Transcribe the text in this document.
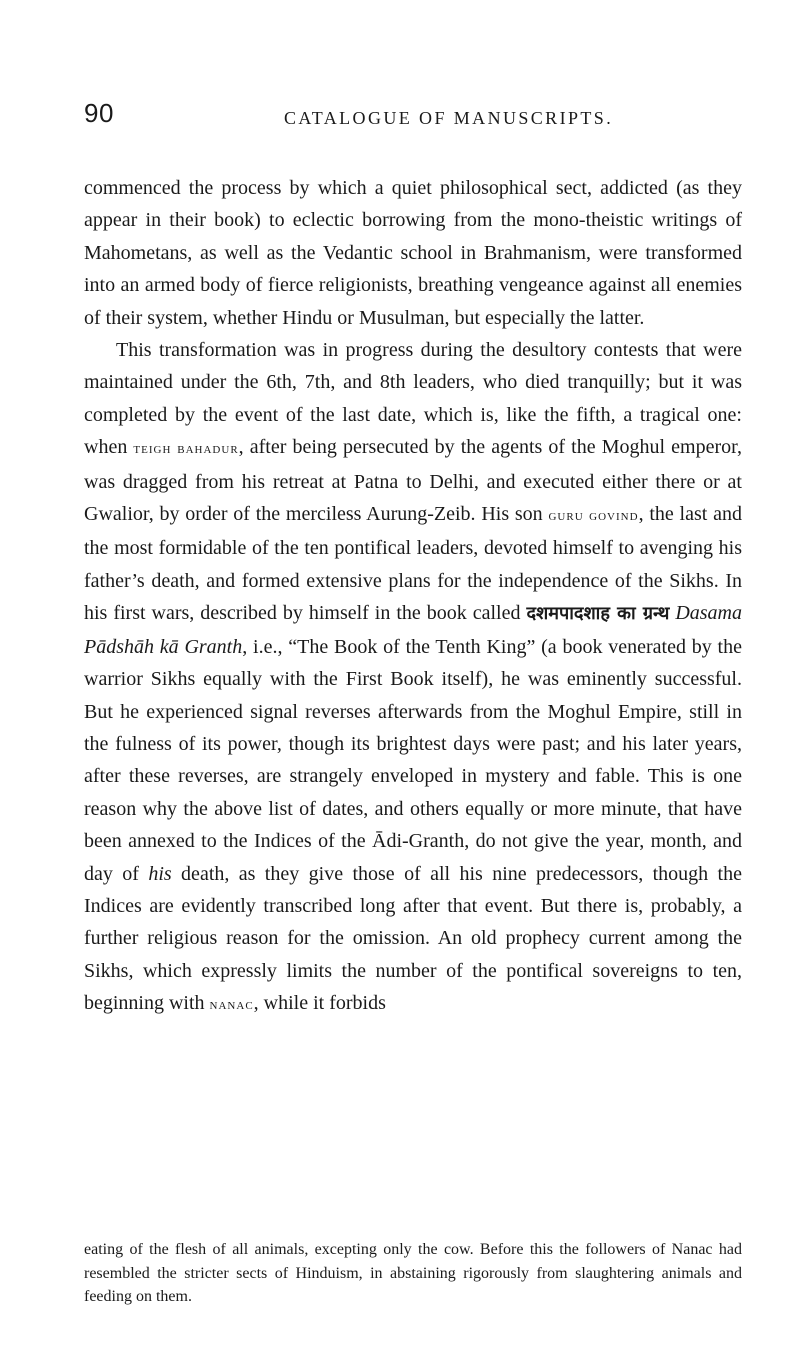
90	CATALOGUE OF MANUSCRIPTS.

commenced the process by which a quiet philosophical sect, addicted (as they appear in their book) to eclectic borrowing from the mono-theistic writings of Mahometans, as well as the Vedantic school in Brahmanism, were transformed into an armed body of fierce religionists, breathing vengeance against all enemies of their system, whether Hindu or Musulman, but especially the latter.

This transformation was in progress during the desultory contests that were maintained under the 6th, 7th, and 8th leaders, who died tranquilly; but it was completed by the event of the last date, which is, like the fifth, a tragical one: when teigh bahadur, after being persecuted by the agents of the Moghul emperor, was dragged from his retreat at Patna to Delhi, and executed either there or at Gwalior, by order of the merciless Aurung-Zeib. His son guru govind, the last and the most formidable of the ten pontifical leaders, devoted himself to avenging his father’s death, and formed extensive plans for the independence of the Sikhs. In his first wars, described by himself in the book called दशमपादशाह का ग्रन्थ Dasama Pādshāh kā Granth, i.e., “The Book of the Tenth King” (a book venerated by the warrior Sikhs equally with the First Book itself), he was eminently successful. But he experienced signal reverses afterwards from the Moghul Empire, still in the fulness of its power, though its brightest days were past; and his later years, after these reverses, are strangely enveloped in mystery and fable. This is one reason why the above list of dates, and others equally or more minute, that have been annexed to the Indices of the Ādi-Granth, do not give the year, month, and day of his death, as they give those of all his nine predecessors, though the Indices are evidently transcribed long after that event. But there is, probably, a further religious reason for the omission. An old prophecy current among the Sikhs, which expressly limits the number of the pontifical sovereigns to ten, beginning with nanac, while it forbids

eating of the flesh of all animals, excepting only the cow. Before this the followers of Nanac had resembled the stricter sects of Hinduism, in abstaining rigorously from slaughtering animals and feeding on them.
